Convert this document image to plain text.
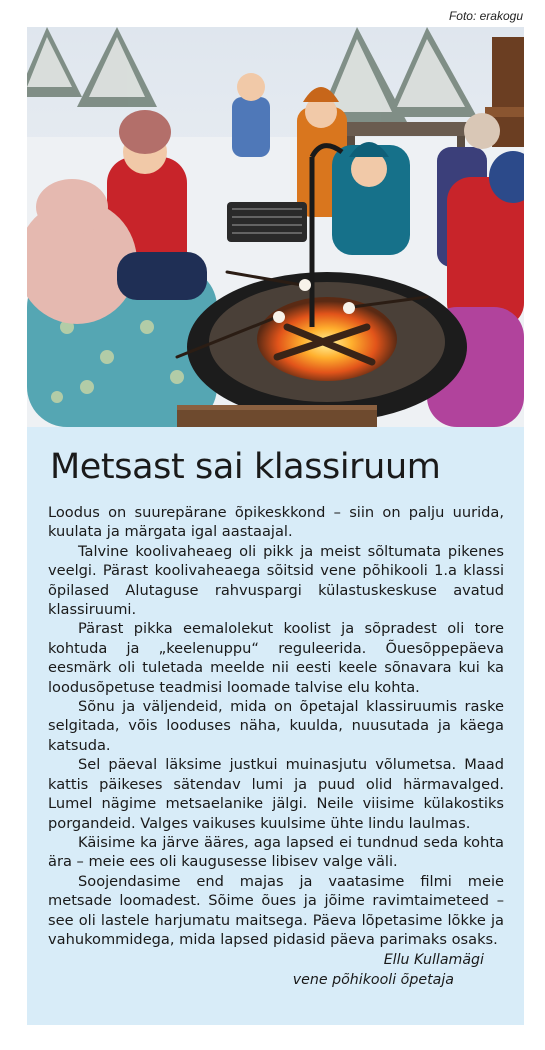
Foto: erakogu
Metsast sai klassiruum

Loodus on suurepärane õpikeskkond – siin on palju uurida, kuulata ja märgata igal aastaajal.

Talvine koolivaheaeg oli pikk ja meist sõltumata pikenes veelgi. Pärast koolivaheaega sõitsid vene põhikooli 1.a klassi õpilased Alutaguse rahvuspargi külastuskeskuse avatud klassiruumi.

Pärast pikka eemalolekut koolist ja sõpradest oli tore kohtuda ja „keelenuppu“ reguleerida. Õuesõppepäeva eesmärk oli tuletada meelde nii eesti keele sõnavara kui ka loodusõpetuse teadmisi loomade talvise elu kohta.

Sõnu ja väljendeid, mida on õpetajal klassiruumis raske selgitada, võis looduses näha, kuulda, nuusutada ja käega katsuda.

Sel päeval läksime justkui muinasjutu võlumetsa. Maad kattis päikeses sätendav lumi ja puud olid härmavalged. Lumel nägime metsaelanike jälgi. Neile viisime külakostiks porgandeid. Valges vaikuses kuulsime ühte lindu laulmas.

Käisime ka järve ääres, aga lapsed ei tundnud seda kohta ära – meie ees oli kaugusesse libisev valge väli.

Soojendasime end majas ja vaatasime filmi meie metsade loomadest. Sõime õues ja jõime ravimtaimeteed – see oli lastele harjumatu maitsega. Päeva lõpetasime lõkke ja vahukommidega, mida lapsed pidasid päeva parimaks osaks.

Ellu Kullamägi
vene põhikooli õpetaja
